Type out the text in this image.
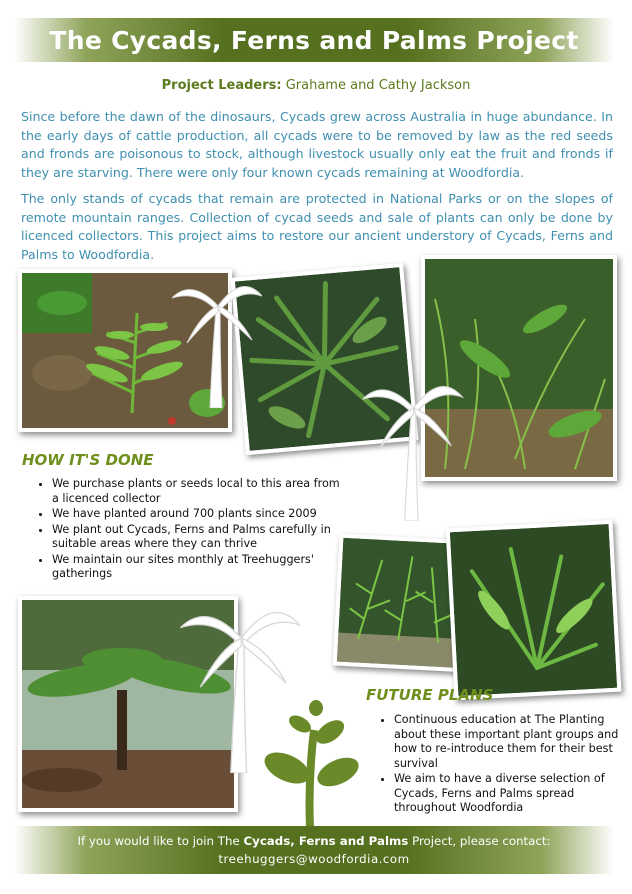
The Cycads, Ferns and Palms Project
Project Leaders: Grahame and Cathy Jackson

Since before the dawn of the dinosaurs, Cycads grew across Australia in huge abundance. In the early days of cattle production, all cycads were to be removed by law as the red seeds and fronds are poisonous to stock, although livestock usually only eat the fruit and fronds if they are starving. There were only four known cycads remaining at Woodfordia.

The only stands of cycads that remain are protected in National Parks or on the slopes of remote mountain ranges. Collection of cycad seeds and sale of plants can only be done by licenced collectors. This project aims to restore our ancient understory of Cycads, Ferns and Palms to Woodfordia.

HOW IT'S DONE
• We purchase plants or seeds local to this area from a licenced collector
• We have planted around 700 plants since 2009
• We plant out Cycads, Ferns and Palms carefully in suitable areas where they can thrive
• We maintain our sites monthly at Treehuggers' gatherings
FUTURE PLANS
• Continuous education at The Planting about these important plant groups and how to re-introduce them for their best survival
• We aim to have a diverse selection of Cycads, Ferns and Palms spread throughout Woodfordia
If you would like to join The Cycads, Ferns and Palms Project, please contact:
treehuggers@woodfordia.com
